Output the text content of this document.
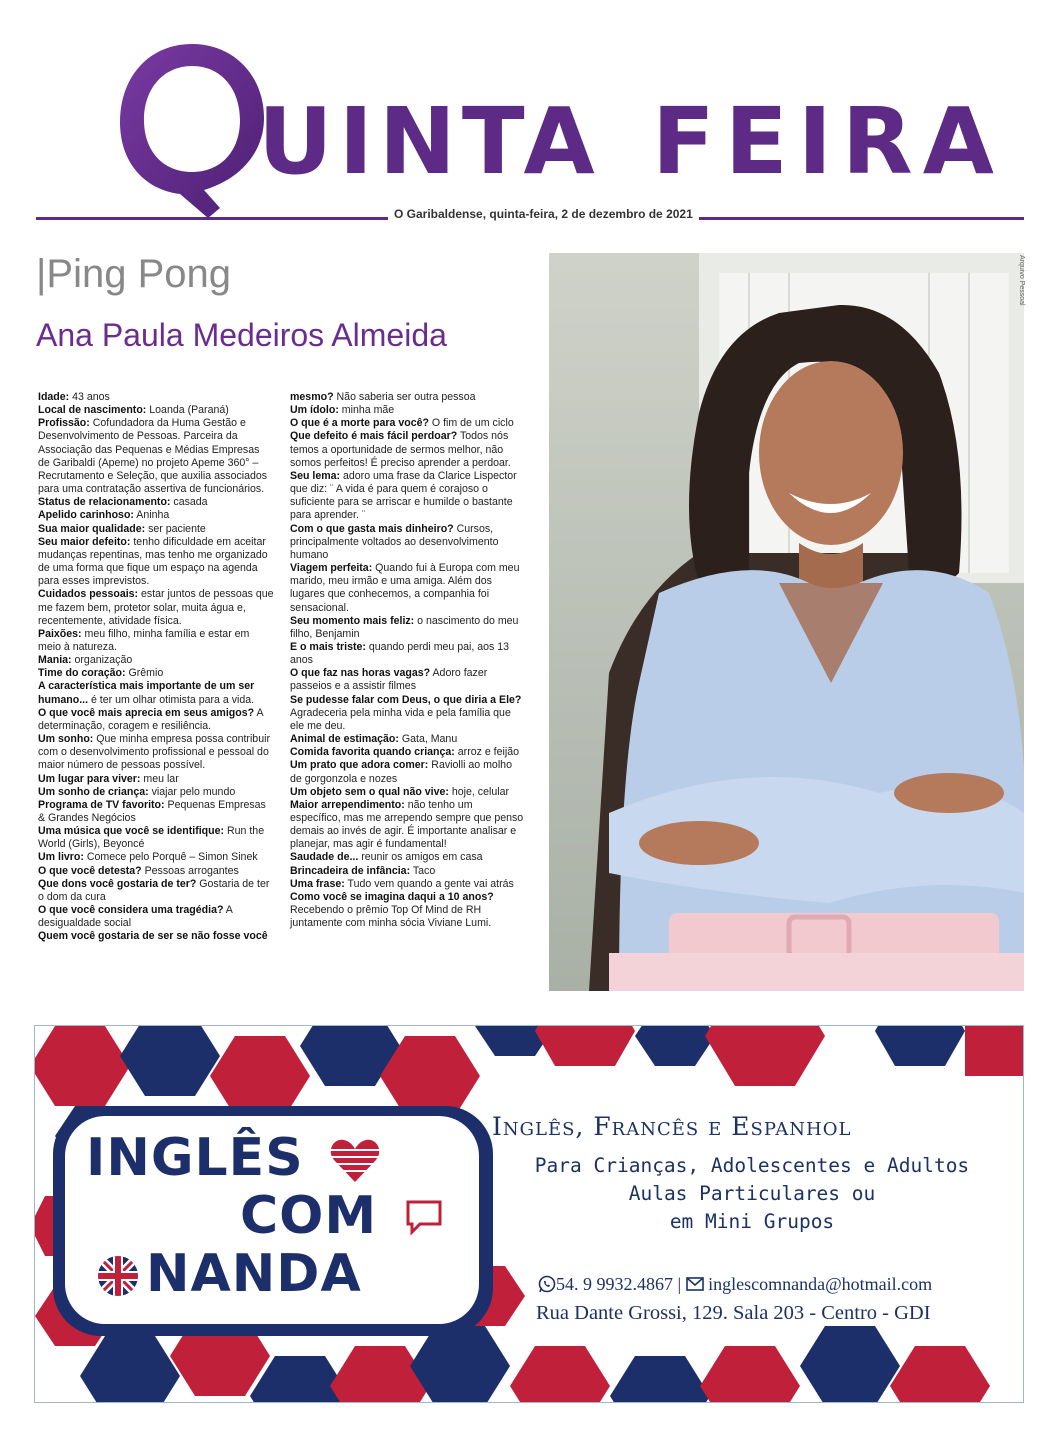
UINTA FEIRA
O Garibaldense, quinta-feira, 2 de dezembro de 2021
|Ping Pong
Ana Paula Medeiros Almeida

Idade: 43 anos

Local de nascimento: Loanda (Paraná)

Profissão: Cofundadora da Huma Gestão e Desenvolvimento de Pessoas. Parceira da Associação das Pequenas e Médias Empresas de Garibaldi (Apeme) no projeto Apeme 360° – Recrutamento e Seleção, que auxilia associados para uma contratação assertiva de funcionários.

Status de relacionamento: casada

Apelido carinhoso: Aninha

Sua maior qualidade: ser paciente

Seu maior defeito: tenho dificuldade em aceitar mudanças repentinas, mas tenho me organizado de uma forma que fique um espaço na agenda para esses imprevistos.

Cuidados pessoais: estar juntos de pessoas que me fazem bem, protetor solar, muita água e, recentemente, atividade física.

Paixões: meu filho, minha família e estar em meio à natureza.

Mania: organização

Time do coração: Grêmio

A característica mais importante de um ser humano... é ter um olhar otimista para a vida.

O que você mais aprecia em seus amigos? A determinação, coragem e resiliência.

Um sonho: Que minha empresa possa contribuir com o desenvolvimento profissional e pessoal do maior número de pessoas possível.

Um lugar para viver: meu lar

Um sonho de criança: viajar pelo mundo

Programa de TV favorito: Pequenas Empresas & Grandes Negócios

Uma música que você se identifique: Run the World (Girls), Beyoncé

Um livro: Comece pelo Porquê – Simon Sinek

O que você detesta? Pessoas arrogantes

Que dons você gostaria de ter? Gostaria de ter o dom da cura

O que você considera uma tragédia? A desigualdade social

Quem você gostaria de ser se não fosse você

mesmo? Não saberia ser outra pessoa

Um ídolo: minha mãe

O que é a morte para você? O fim de um ciclo

Que defeito é mais fácil perdoar? Todos nós temos a oportunidade de sermos melhor, não somos perfeitos! É preciso aprender a perdoar.

Seu lema: adoro uma frase da Clarice Lispector que diz: ¨ A vida é para quem é corajoso o suficiente para se arriscar e humilde o bastante para aprender. ¨

Com o que gasta mais dinheiro? Cursos, principalmente voltados ao desenvolvimento humano

Viagem perfeita: Quando fui à Europa com meu marido, meu irmão e uma amiga. Além dos lugares que conhecemos, a companhia foi sensacional.

Seu momento mais feliz: o nascimento do meu filho, Benjamin

E o mais triste: quando perdi meu pai, aos 13 anos

O que faz nas horas vagas? Adoro fazer passeios e a assistir filmes

Se pudesse falar com Deus, o que diria a Ele? Agradeceria pela minha vida e pela família que ele me deu.

Animal de estimação: Gata, Manu

Comida favorita quando criança: arroz e feijão

Um prato que adora comer: Raviolli ao molho de gorgonzola e nozes

Um objeto sem o qual não vive: hoje, celular

Maior arrependimento: não tenho um específico, mas me arrependo sempre que penso demais ao invés de agir. É importante analisar e planejar, mas agir é fundamental!

Saudade de... reunir os amigos em casa

Brincadeira de infância: Taco

Uma frase: Tudo vem quando a gente vai atrás

Como você se imagina daqui a 10 anos? Recebendo o prêmio Top Of Mind de RH juntamente com minha sócia Viviane Lumi.

Arquivo Pessoal
INGLÊS
COM
NANDA
Inglês, Francês e Espanhol
Para Crianças, Adolescentes e Adultos
Aulas Particulares ou
em Mini Grupos
54. 9 9932.4867 | inglescomnanda@hotmail.com
Rua Dante Grossi, 129. Sala 203 - Centro - GDI
